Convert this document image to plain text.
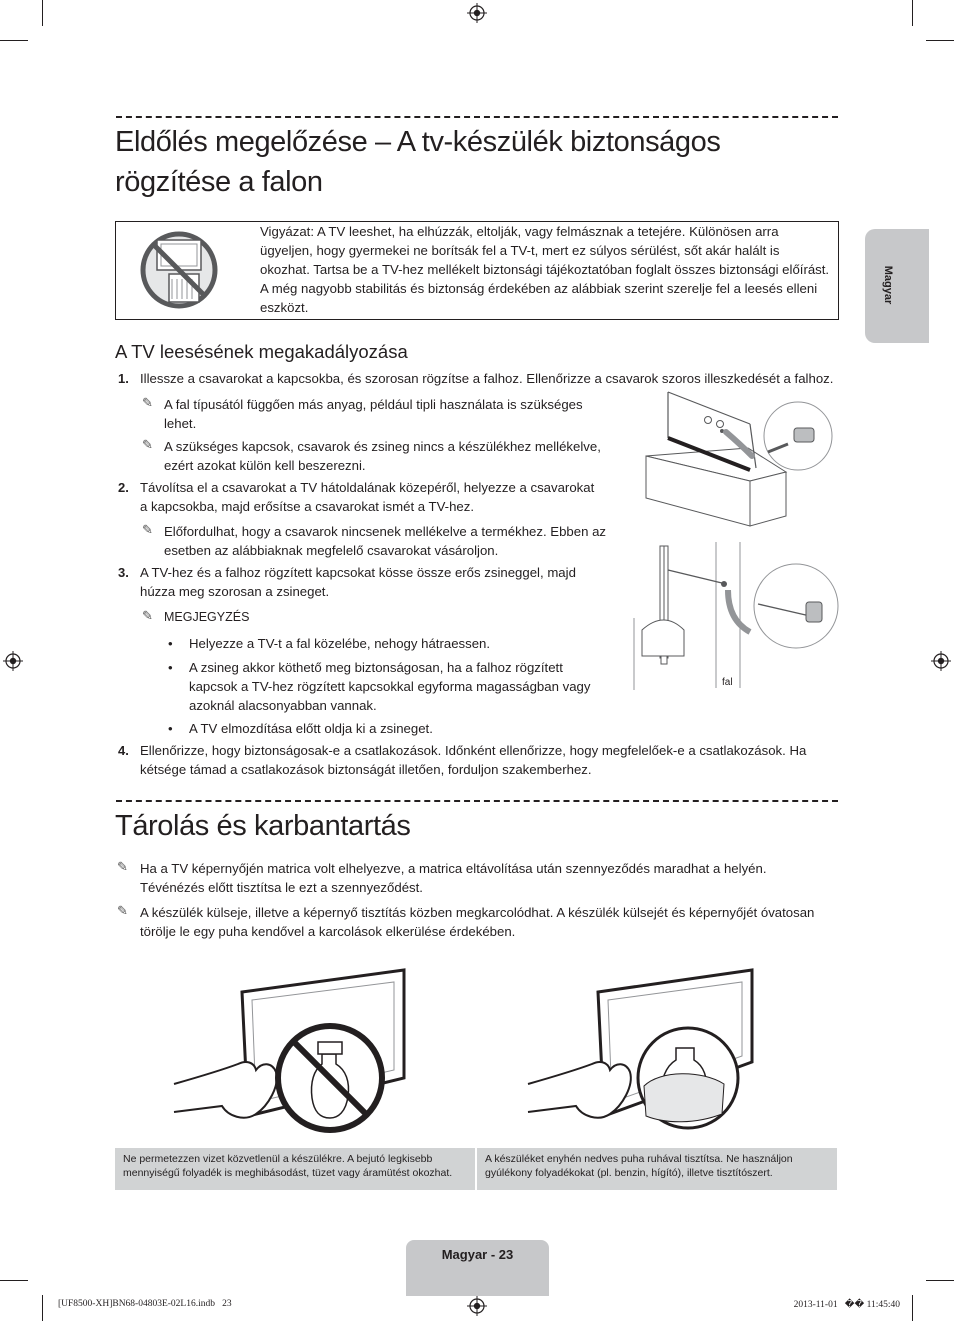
Magyar
Eldőlés megelőzése – A tv-készülék biztonságos rögzítése a falon
Vigyázat: A TV leeshet, ha elhúzzák, eltolják, vagy felmásznak a tetejére. Különösen arra ügyeljen, hogy gyermekei ne borítsák fel a TV-t, mert ez súlyos sérülést, sőt akár halált is okozhat. Tartsa be a TV-hez mellékelt biztonsági tájékoztatóban foglalt összes biztonsági előírást. A még nagyobb stabilitás és biztonság érdekében az alábbiak szerint szerelje fel a leesés elleni eszközt.
A TV leesésének megakadályozása
1. Illessze a csavarokat a kapcsokba, és szorosan rögzítse a falhoz. Ellenőrizze a csavarok szoros illeszkedését a falhoz.
✎ A fal típusától függően más anyag, például tipli használata is szükséges lehet.
✎ A szükséges kapcsok, csavarok és zsineg nincs a készülékhez mellékelve, ezért azokat külön kell beszerezni.
2. Távolítsa el a csavarokat a TV hátoldalának közepéről, helyezze a csavarokat a kapcsokba, majd erősítse a csavarokat ismét a TV-hez.
✎ Előfordulhat, hogy a csavarok nincsenek mellékelve a termékhez. Ebben az esetben az alábbiaknak megfelelő csavarokat vásároljon.
3. A TV-hez és a falhoz rögzített kapcsokat kösse össze erős zsineggel, majd húzza meg szorosan a zsineget.
✎ MEGJEGYZÉS
• Helyezze a TV-t a fal közelébe, nehogy hátraessen.
• A zsineg akkor köthető meg biztonságosan, ha a falhoz rögzített kapcsok a TV-hez rögzített kapcsokkal egyforma magasságban vagy azoknál alacsonyabban vannak.
• A TV elmozdítása előtt oldja ki a zsineget.
4. Ellenőrizze, hogy biztonságosak-e a csatlakozások. Időnként ellenőrizze, hogy megfelelőek-e a csatlakozások. Ha kétsége támad a csatlakozások biztonságát illetően, forduljon szakemberhez.
fal
Tárolás és karbantartás
✎ Ha a TV képernyőjén matrica volt elhelyezve, a matrica eltávolítása után szennyeződés maradhat a helyén. Tévénézés előtt tisztítsa le ezt a szennyeződést.
✎ A készülék külseje, illetve a képernyő tisztítás közben megkarcolódhat. A készülék külsejét és képernyőjét óvatosan törölje le egy puha kendővel a karcolások elkerülése érdekében.
Ne permetezzen vizet közvetlenül a készülékre. A bejutó legkisebb mennyiségű folyadék is meghibásodást, tüzet vagy áramütést okozhat.
A készüléket enyhén nedves puha ruhával tisztítsa. Ne használjon gyúlékony folyadékokat (pl. benzin, hígító), illetve tisztítószert.
Magyar - 23
[UF8500-XH]BN68-04803E-02L16.indb   23	2013-11-01   �� 11:45:40
